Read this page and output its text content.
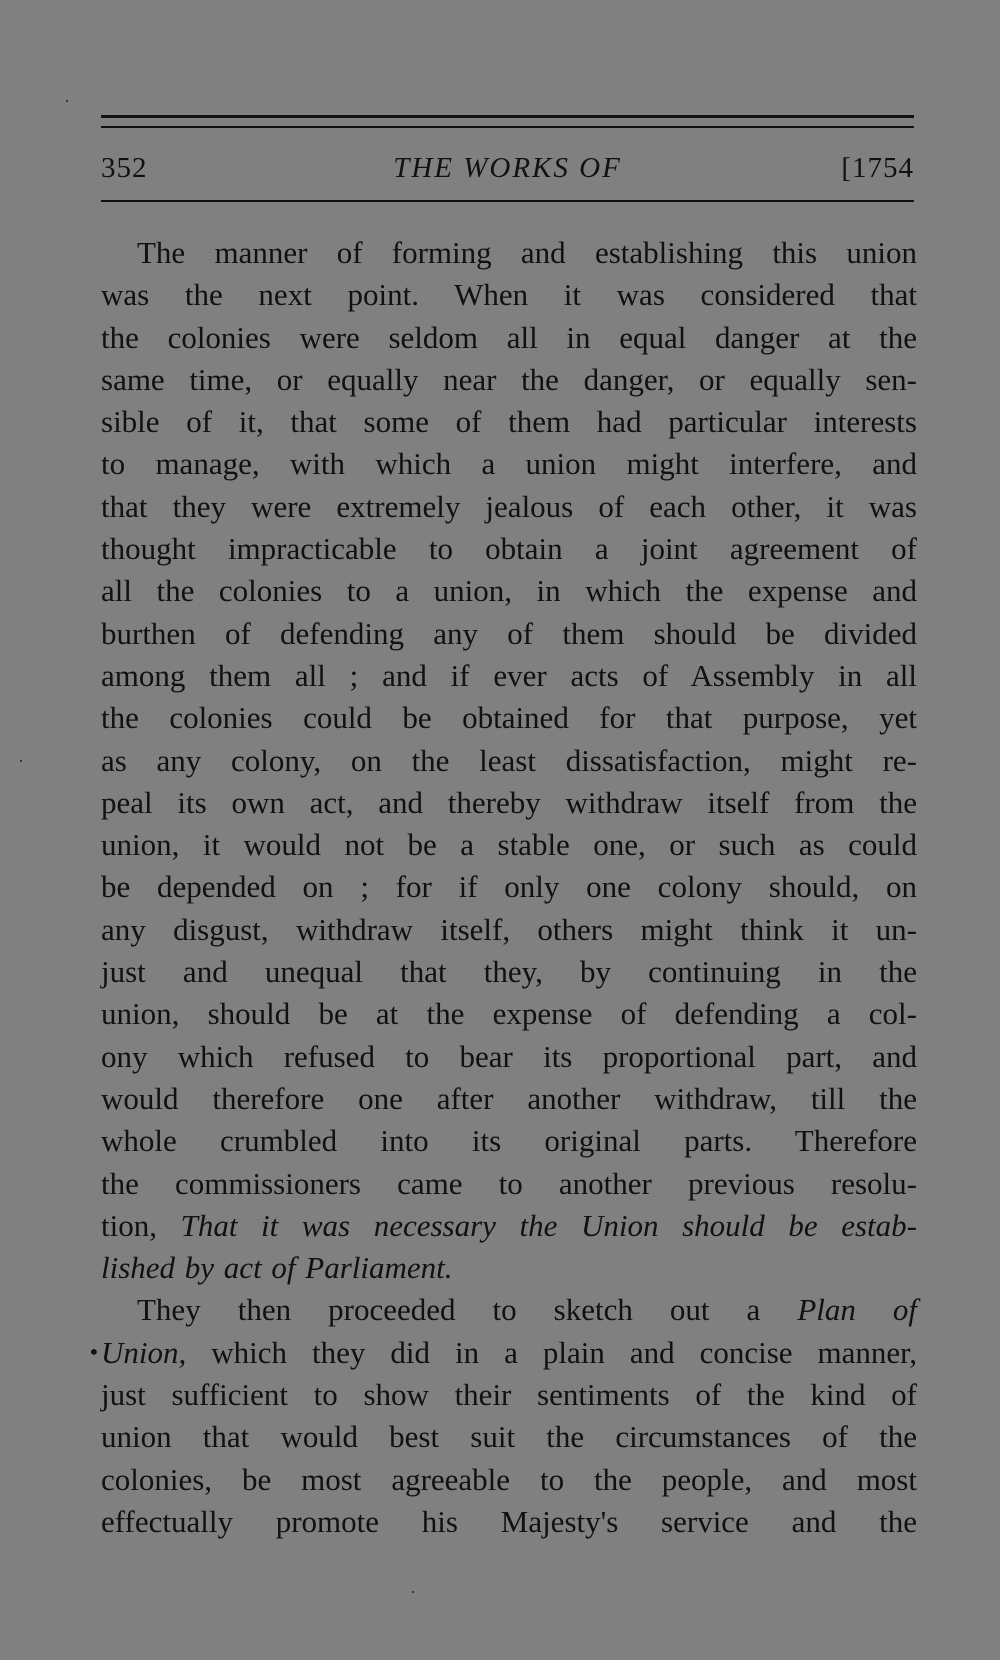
352	THE WORKS OF	[1754
The manner of forming and establishing this union
was the next point. When it was considered that
the colonies were seldom all in equal danger at the
same time, or equally near the danger, or equally sen-
sible of it, that some of them had particular interests
to manage, with which a union might interfere, and
that they were extremely jealous of each other, it was
thought impracticable to obtain a joint agreement of
all the colonies to a union, in which the expense and
burthen of defending any of them should be divided
among them all ; and if ever acts of Assembly in all
the colonies could be obtained for that purpose, yet
as any colony, on the least dissatisfaction, might re-
peal its own act, and thereby withdraw itself from the
union, it would not be a stable one, or such as could
be depended on ; for if only one colony should, on
any disgust, withdraw itself, others might think it un-
just and unequal that they, by continuing in the
union, should be at the expense of defending a col-
ony which refused to bear its proportional part, and
would therefore one after another withdraw, till the
whole crumbled into its original parts. Therefore
the commissioners came to another previous resolu-
tion, That it was necessary the Union should be estab-
lished by act of Parliament.
They then proceeded to sketch out a Plan of
Union, which they did in a plain and concise manner,
just sufficient to show their sentiments of the kind of
union that would best suit the circumstances of the
colonies, be most agreeable to the people, and most
effectually promote his Majesty's service and the
•
